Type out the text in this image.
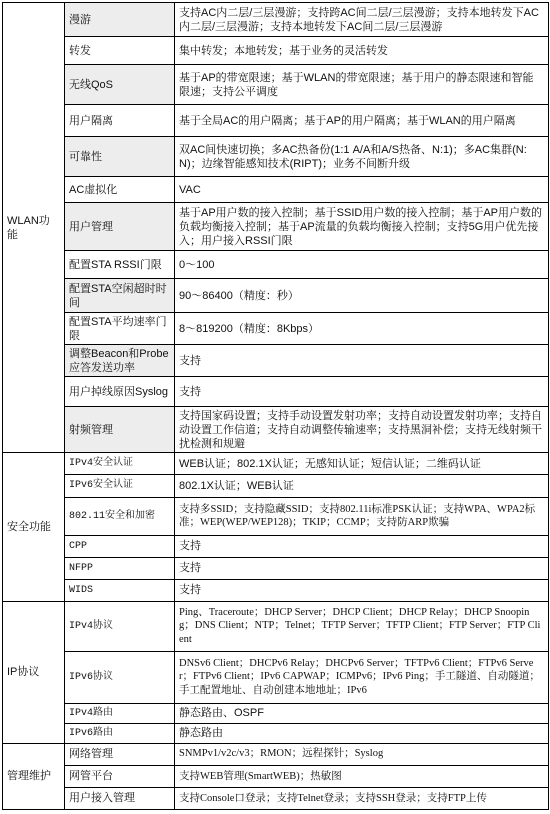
WLAN功能	漫游	支持AC内二层/三层漫游；支持跨AC间二层/三层漫游；支持本地转发下AC内二层/三层漫游；支持本地转发下AC间二层/三层漫游
	转发	集中转发；本地转发；基于业务的灵活转发
	无线QoS	基于AP的带宽限速；基于WLAN的带宽限速；基于用户的静态限速和智能限速；支持公平调度
	用户隔离	基于全局AC的用户隔离；基于AP的用户隔离；基于WLAN的用户隔离
	可靠性	双AC间快速切换；多AC热备份(1:1 A/A和A/S热备、N:1)；多AC集群(N:N)；边缘智能感知技术(RIPT)；业务不间断升级
	AC虚拟化	VAC
	用户管理	基于AP用户数的接入控制；基于SSID用户数的接入控制；基于AP用户数的负载均衡接入控制；基于AP流量的负载均衡接入控制；支持5G用户优先接入；用户接入RSSI门限
	配置STA RSSI门限	0～100
	配置STA空闲超时时间	90～86400（精度：秒）
	配置STA平均速率门限	8～819200（精度：8Kbps）
	调整Beacon和Probe应答发送功率	支持
	用户掉线原因Syslog	支持
	射频管理	支持国家码设置；支持手动设置发射功率；支持自动设置发射功率；支持自动设置工作信道；支持自动调整传输速率；支持黑洞补偿；支持无线射频干扰检测和规避
安全功能	IPv4安全认证	WEB认证；802.1X认证；无感知认证；短信认证；二维码认证
	IPv6安全认证	802.1X认证；WEB认证
	802.11安全和加密	支持多SSID；支持隐藏SSID；支持802.11i标准PSK认证；支持WPA、WPA2标准；WEP(WEP/WEP128)；TKIP；CCMP；支持防ARP欺骗
	CPP	支持
	NFPP	支持
	WIDS	支持
IP协议	IPv4协议	Ping、Traceroute；DHCP Server；DHCP Client；DHCP Relay；DHCP Snooping；DNS Client；NTP；Telnet；TFTP Server；TFTP Client；FTP Server；FTP Client
	IPv6协议	DNSv6 Client；DHCPv6 Relay；DHCPv6 Server；TFTPv6 Client；FTPv6 Server；FTPv6 Client；IPv6 CAPWAP；ICMPv6；IPv6 Ping；手工隧道、自动隧道；手工配置地址、自动创建本地地址；IPv6
	IPv4路由	静态路由、OSPF
	IPv6路由	静态路由
管理维护	网络管理	SNMPv1/v2c/v3；RMON；远程探针；Syslog
	网管平台	支持WEB管理(SmartWEB)；热敏图
	用户接入管理	支持Console口登录；支持Telnet登录；支持SSH登录；支持FTP上传
